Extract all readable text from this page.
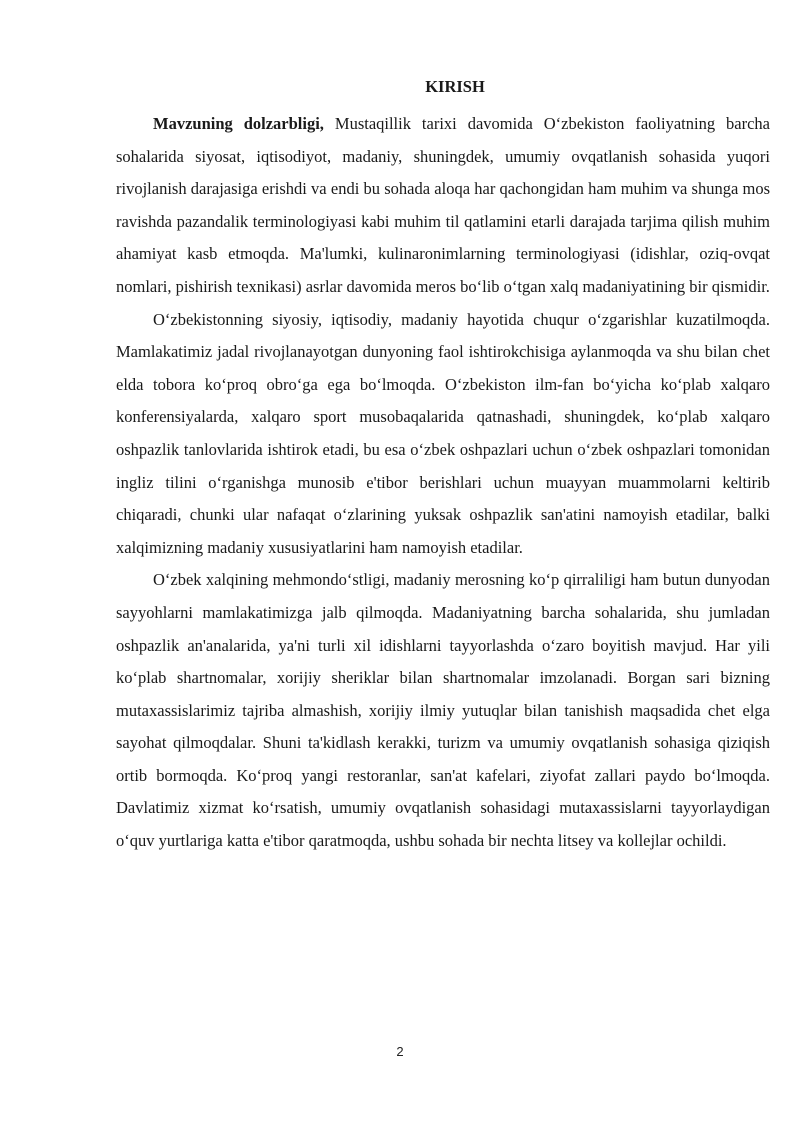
KIRISH

Mavzuning dolzarbligi, Mustaqillik tarixi davomida O‘zbekiston faoliyatning barcha sohalarida siyosat, iqtisodiyot, madaniy, shuningdek, umumiy ovqatlanish sohasida yuqori rivojlanish darajasiga erishdi va endi bu sohada aloqa har qachongidan ham muhim va shunga mos ravishda pazandalik terminologiyasi kabi muhim til qatlamini etarli darajada tarjima qilish muhim ahamiyat kasb etmoqda. Ma'lumki, kulinaronimlarning terminologiyasi (idishlar, oziq-ovqat nomlari, pishirish texnikasi) asrlar davomida meros bo‘lib o‘tgan xalq madaniyatining bir qismidir.

O‘zbekistonning siyosiy, iqtisodiy, madaniy hayotida chuqur o‘zgarishlar kuzatilmoqda. Mamlakatimiz jadal rivojlanayotgan dunyoning faol ishtirokchisiga aylanmoqda va shu bilan chet elda tobora ko‘proq obro‘ga ega bo‘lmoqda. O‘zbekiston ilm-fan bo‘yicha ko‘plab xalqaro konferensiyalarda, xalqaro sport musobaqalarida qatnashadi, shuningdek, ko‘plab xalqaro oshpazlik tanlovlarida ishtirok etadi, bu esa o‘zbek oshpazlari uchun o‘zbek oshpazlari tomonidan ingliz tilini o‘rganishga munosib e'tibor berishlari uchun muayyan muammolarni keltirib chiqaradi, chunki ular nafaqat o‘zlarining yuksak oshpazlik san'atini namoyish etadilar, balki xalqimizning madaniy xususiyatlarini ham namoyish etadilar.

O‘zbek xalqining mehmondo‘stligi, madaniy merosning ko‘p qirraliligi ham butun dunyodan sayyohlarni mamlakatimizga jalb qilmoqda. Madaniyatning barcha sohalarida, shu jumladan oshpazlik an'analarida, ya'ni turli xil idishlarni tayyorlashda o‘zaro boyitish mavjud. Har yili ko‘plab shartnomalar, xorijiy sheriklar bilan shartnomalar imzolanadi. Borgan sari bizning mutaxassislarimiz tajriba almashish, xorijiy ilmiy yutuqlar bilan tanishish maqsadida chet elga sayohat qilmoqdalar. Shuni ta'kidlash kerakki, turizm va umumiy ovqatlanish sohasiga qiziqish ortib bormoqda. Ko‘proq yangi restoranlar, san'at kafelari, ziyofat zallari paydo bo‘lmoqda. Davlatimiz xizmat ko‘rsatish, umumiy ovqatlanish sohasidagi mutaxassislarni tayyorlaydigan o‘quv yurtlariga katta e'tibor qaratmoqda, ushbu sohada bir nechta litsey va kollejlar ochildi.

2
